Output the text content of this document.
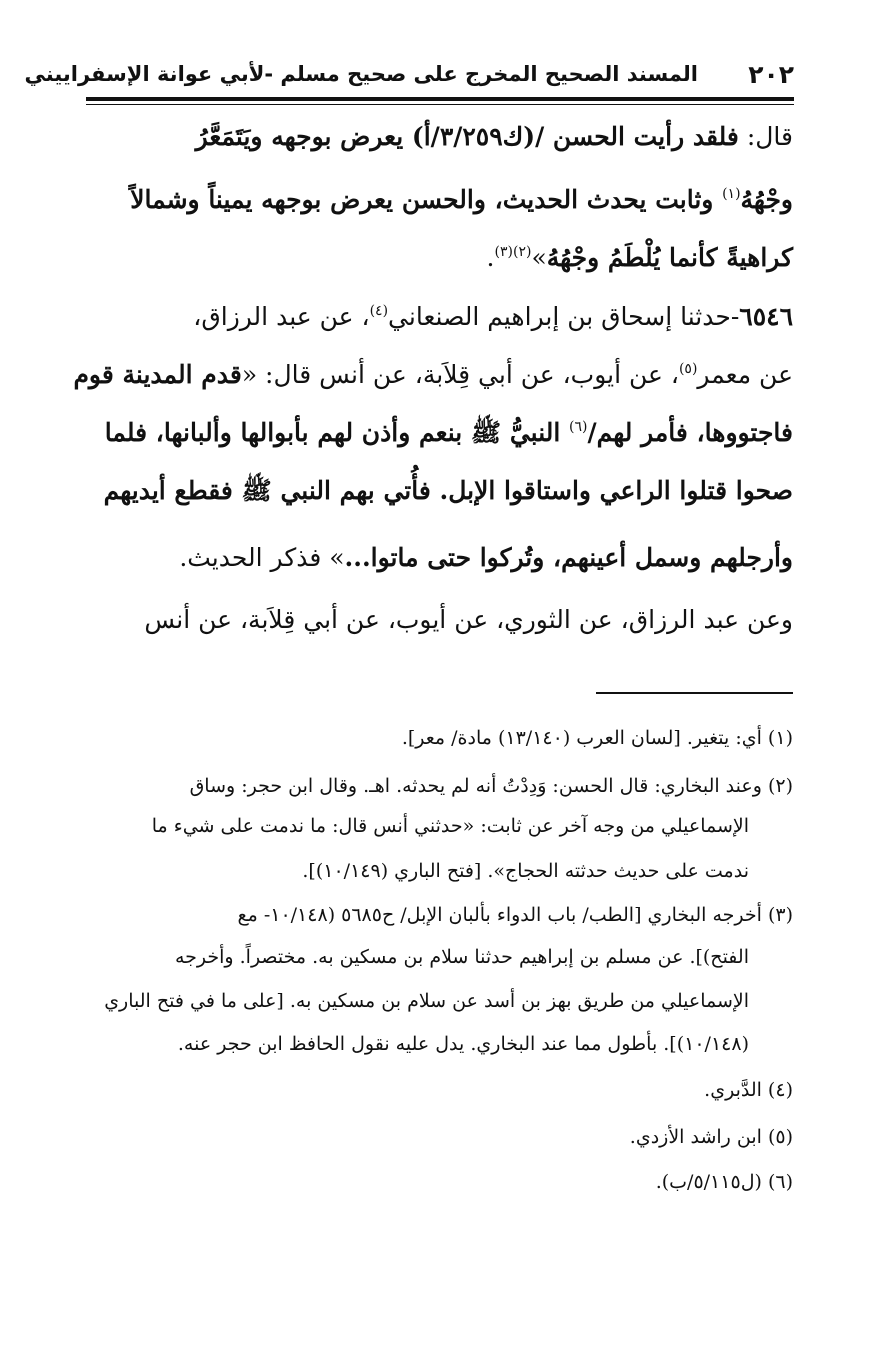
٢٠٢
المسند الصحيح المخرج على صحيح مسلم -لأبي عوانة الإسفراييني
قال: فلقد رأيت الحسن /(ك٣/٢٥٩/أ) يعرض بوجهه ويَتَمَعَّرُ
وجْهُهُ$^{(١)}$ وثابت يحدث الحديث، والحسن يعرض بوجهه يميناً وشمالاً
كراهيةً كأنما يُلْطَمُ وجْهُهُ»$^{(٢)(٣)}$.
٦٥٤٦-حدثنا إسحاق بن إبراهيم الصنعاني$^{(٤)}$، عن عبد الرزاق،
عن معمر$^{(٥)}$، عن أيوب، عن أبي قِلاَبة، عن أنس قال: «قدم المدينة قوم
فاجتووها، فأمر لهم/$^{(٦)}$ النبيُّ ﷺ بنعم وأذن لهم بأبوالها وألبانها، فلما
صحوا قتلوا الراعي واستاقوا الإبل. فأُتي بهم النبي ﷺ فقطع أيديهم
وأرجلهم وسمل أعينهم، وتُركوا حتى ماتوا...» فذكر الحديث.
وعن عبد الرزاق، عن الثوري، عن أيوب، عن أبي قِلاَبة، عن أنس
(١) أي: يتغير. [لسان العرب (١٣/١٤٠) مادة/ معر].
(٢) وعند البخاري: قال الحسن: وَدِدْتُ أنه لم يحدثه. اهـ. وقال ابن حجر: وساق
الإسماعيلي من وجه آخر عن ثابت: «حدثني أنس قال: ما ندمت على شيء ما
ندمت على حديث حدثته الحجاج». [فتح الباري (١٠/١٤٩)].
(٣) أخرجه البخاري [الطب/ باب الدواء بألبان الإبل/ ح٥٦٨٥ (١٠/١٤٨- مع
الفتح)]. عن مسلم بن إبراهيم حدثنا سلام بن مسكين به. مختصراً. وأخرجه
الإسماعيلي من طريق بهز بن أسد عن سلام بن مسكين به. [على ما في فتح الباري
(١٠/١٤٨)]. بأطول مما عند البخاري. يدل عليه نقول الحافظ ابن حجر عنه.
(٤) الدَّبري.
(٥) ابن راشد الأزدي.
(٦) (ل٥/١١٥/ب).
